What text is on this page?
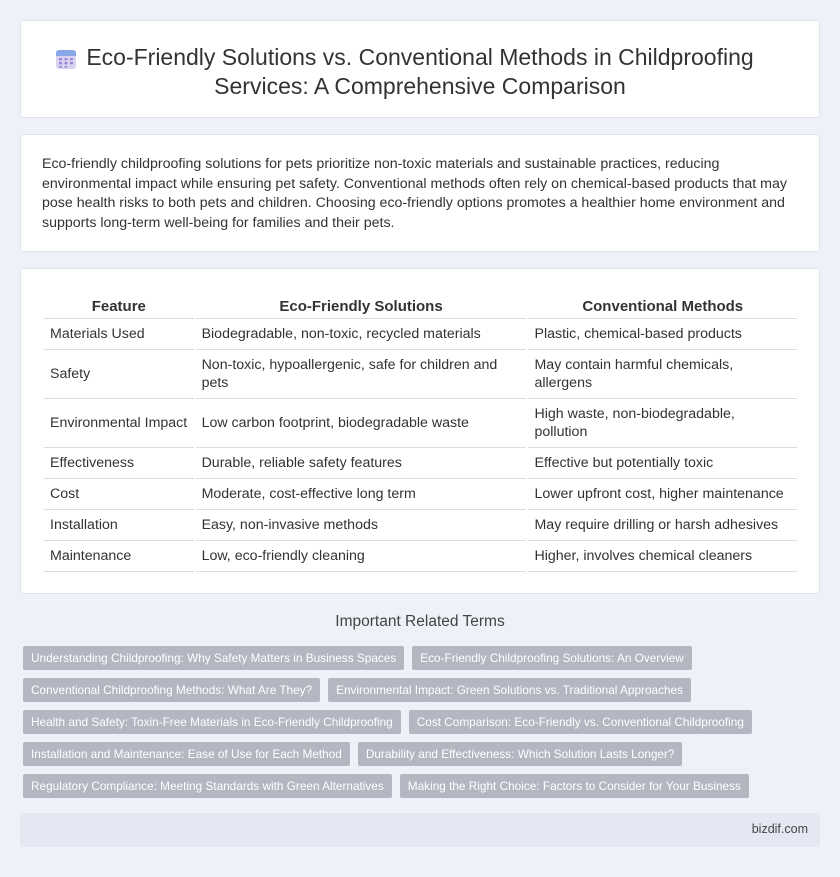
Eco-Friendly Solutions vs. Conventional Methods in Childproofing Services: A Comprehensive Comparison

Eco-friendly childproofing solutions for pets prioritize non-toxic materials and sustainable practices, reducing environmental impact while ensuring pet safety. Conventional methods often rely on chemical-based products that may pose health risks to both pets and children. Choosing eco-friendly options promotes a healthier home environment and supports long-term well-being for families and their pets.

Feature	Eco-Friendly Solutions	Conventional Methods
Materials Used	Biodegradable, non-toxic, recycled materials	Plastic, chemical-based products
Safety	Non-toxic, hypoallergenic, safe for children and pets	May contain harmful chemicals, allergens
Environmental Impact	Low carbon footprint, biodegradable waste	High waste, non-biodegradable, pollution
Effectiveness	Durable, reliable safety features	Effective but potentially toxic
Cost	Moderate, cost-effective long term	Lower upfront cost, higher maintenance
Installation	Easy, non-invasive methods	May require drilling or harsh adhesives
Maintenance	Low, eco-friendly cleaning	Higher, involves chemical cleaners
Important Related Terms
Understanding Childproofing: Why Safety Matters in Business Spaces	Eco-Friendly Childproofing Solutions: An Overview
Conventional Childproofing Methods: What Are They?	Environmental Impact: Green Solutions vs. Traditional Approaches
Health and Safety: Toxin-Free Materials in Eco-Friendly Childproofing	Cost Comparison: Eco-Friendly vs. Conventional Childproofing
Installation and Maintenance: Ease of Use for Each Method	Durability and Effectiveness: Which Solution Lasts Longer?
Regulatory Compliance: Meeting Standards with Green Alternatives	Making the Right Choice: Factors to Consider for Your Business
bizdif.com
